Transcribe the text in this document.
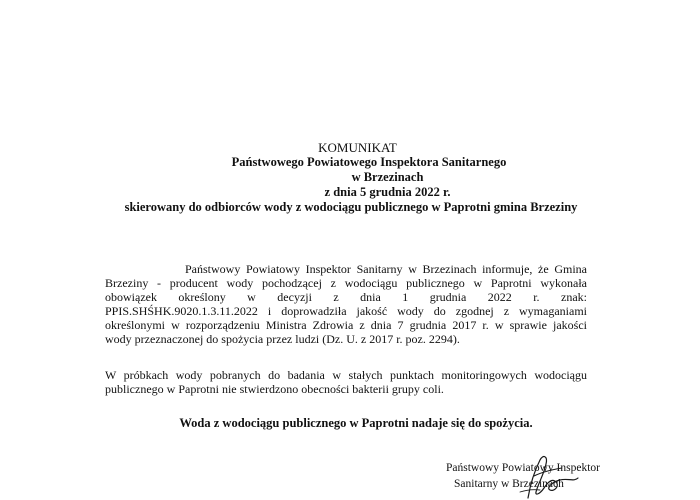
KOMUNIKAT
Państwowego Powiatowego Inspektora Sanitarnego
w Brzezinach
z dnia 5 grudnia 2022 r.
skierowany do odbiorców wody z wodociągu publicznego w Paprotni gmina Brzeziny
Państwowy Powiatowy Inspektor Sanitarny w Brzezinach informuje, że Gmina
Brzeziny - producent wody pochodzącej z wodociągu publicznego w Paprotni wykonała
obowiązek określony w decyzji z dnia 1 grudnia 2022 r. znak:
PPIS.SHŚHK.9020.1.3.11.2022 i doprowadziła jakość wody do zgodnej z wymaganiami
określonymi w rozporządzeniu Ministra Zdrowia z dnia 7 grudnia 2017 r. w sprawie jakości
wody przeznaczonej do spożycia przez ludzi (Dz. U. z 2017 r. poz. 2294).
W próbkach wody pobranych do badania w stałych punktach monitoringowych wodociągu
publicznego w Paprotni nie stwierdzono obecności bakterii grupy coli.
Woda z wodociągu publicznego w Paprotni nadaje się do spożycia.
Państwowy Powiatowy Inspektor
Sanitarny w Brzezinach
